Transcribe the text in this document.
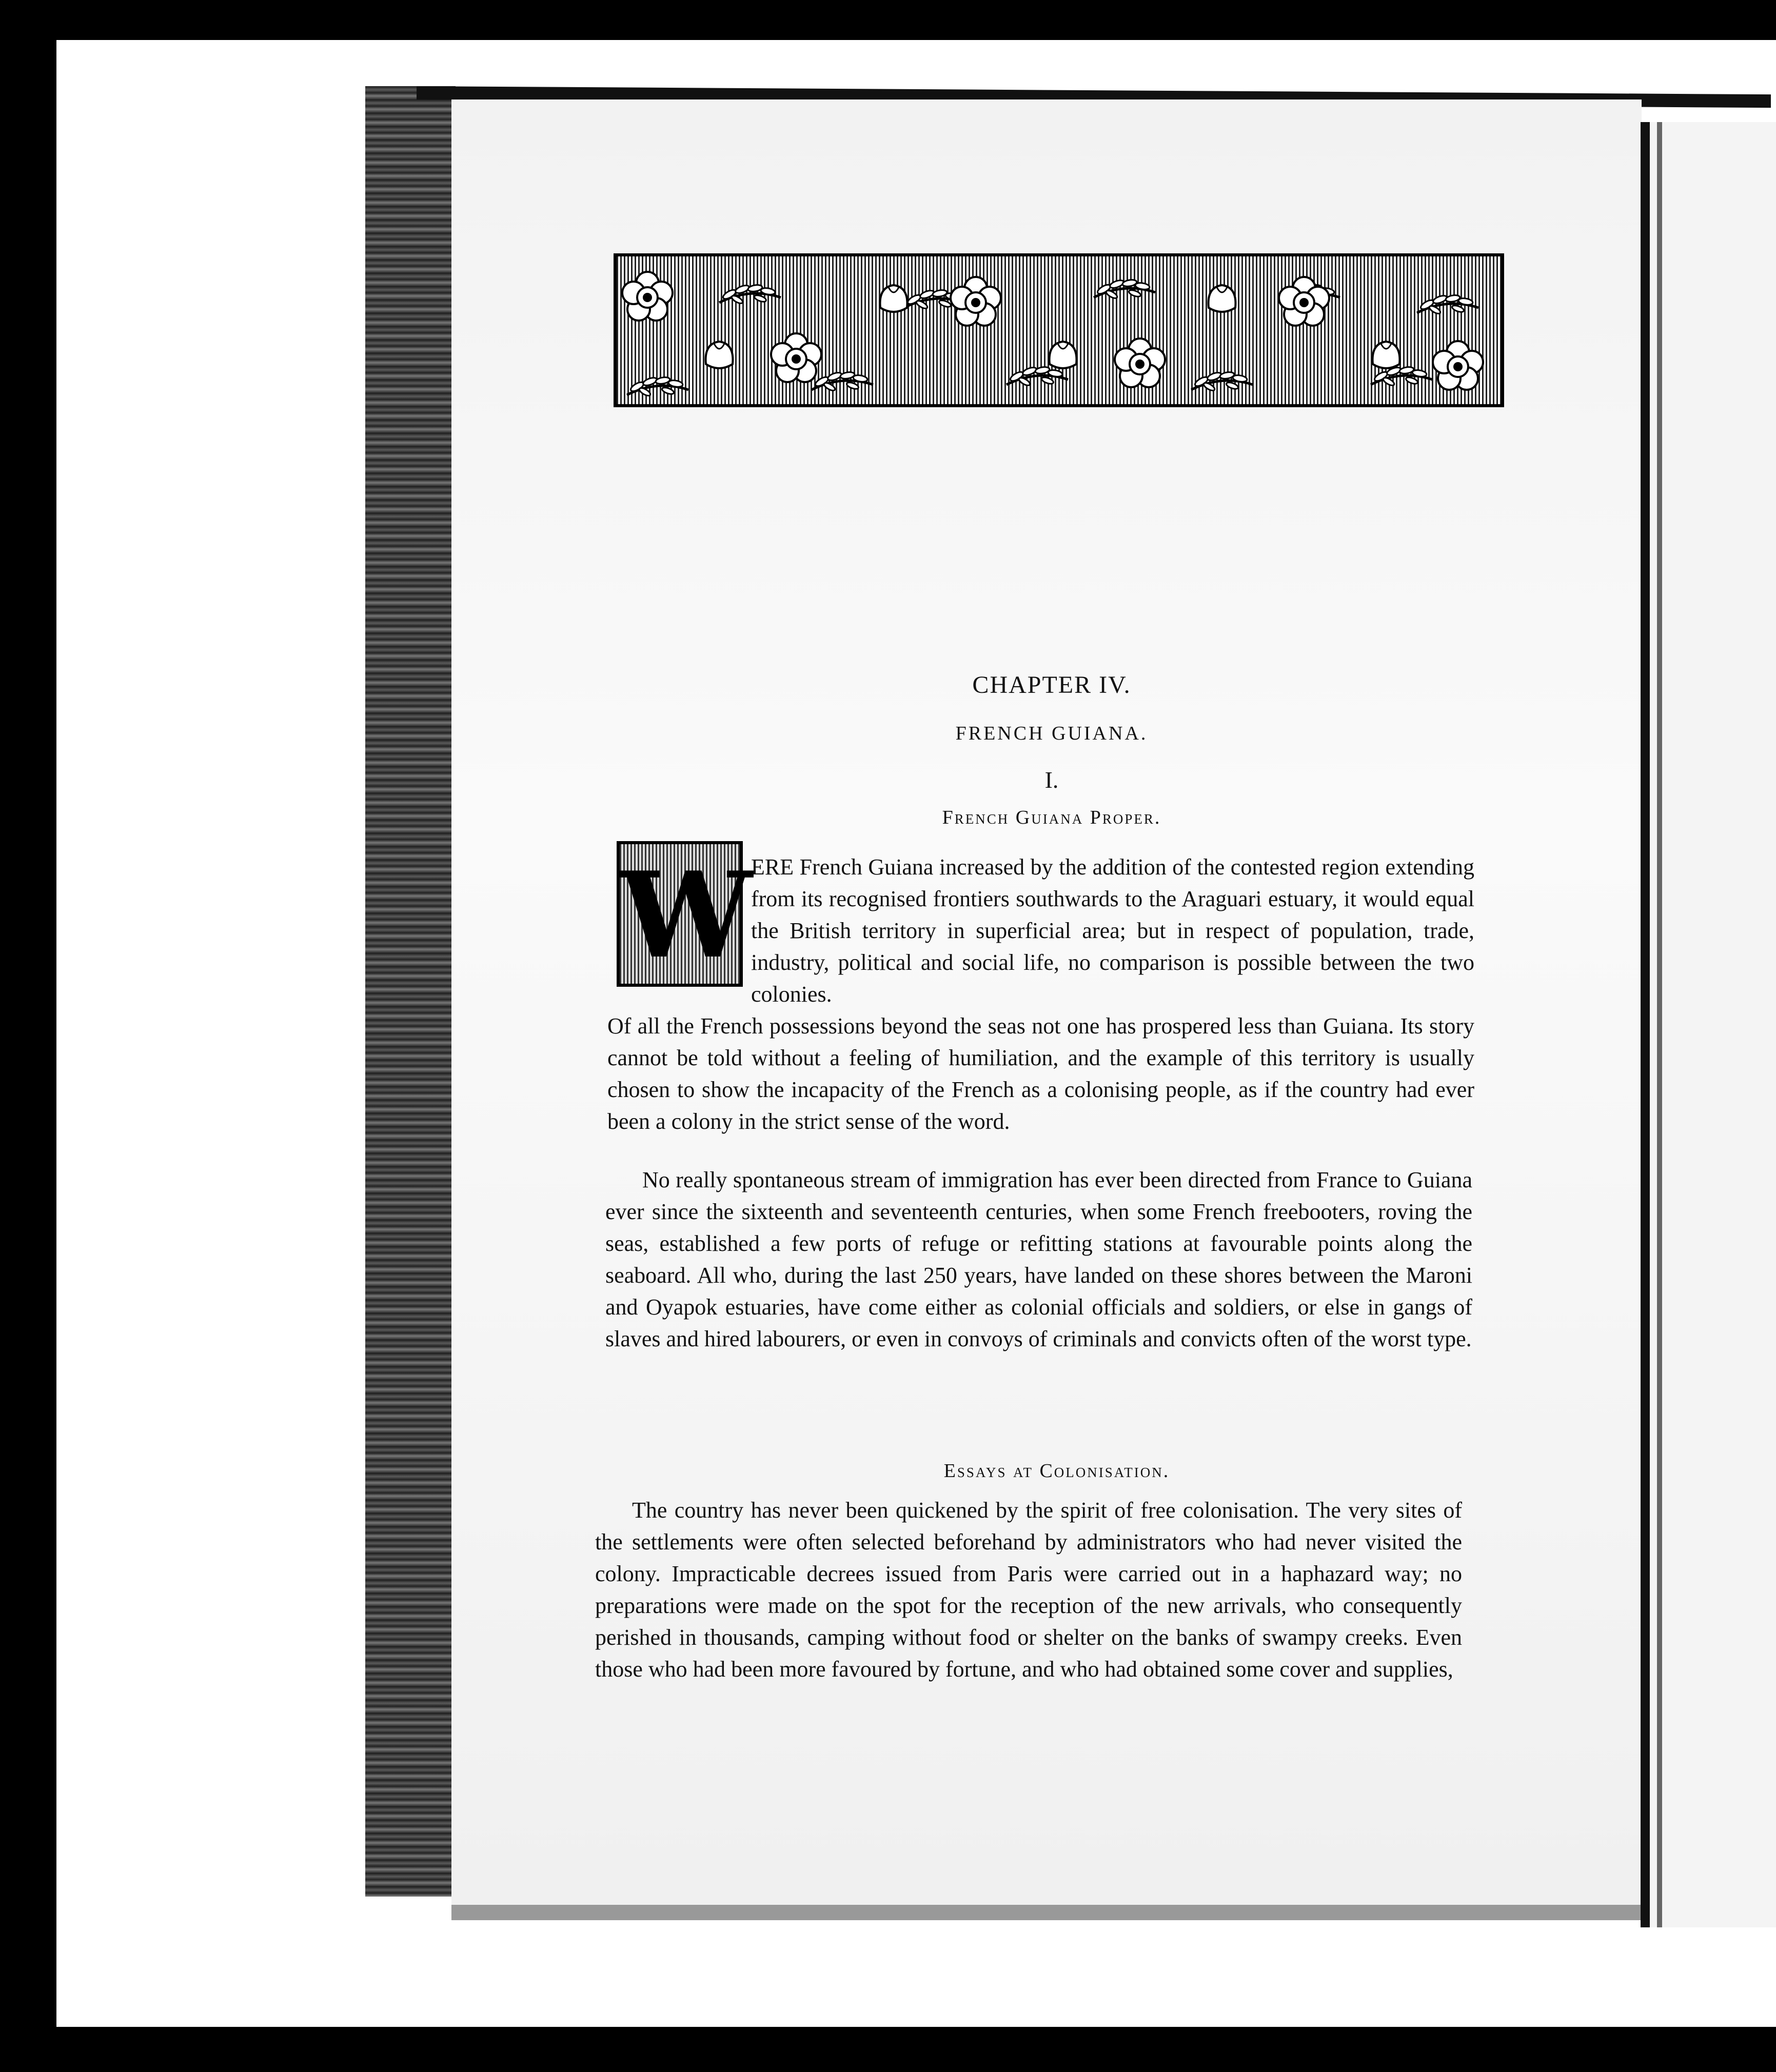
CHAPTER IV.
FRENCH GUIANA.
I.
French Guiana Proper.
W

ERE French Guiana increased by the addition of the contested region extending from its recognised frontiers southwards to the Araguari estuary, it would equal the British territory in superficial area; but in respect of population, trade, industry, political and social life, no comparison is possible between the two colonies.

Of all the French possessions beyond the seas not one has prospered less than Guiana. Its story cannot be told without a feeling of humiliation, and the example of this territory is usually chosen to show the incapacity of the French as a colonising people, as if the country had ever been a colony in the strict sense of the word.

No really spontaneous stream of immigration has ever been directed from France to Guiana ever since the sixteenth and seventeenth centuries, when some French freebooters, roving the seas, established a few ports of refuge or refitting stations at favourable points along the seaboard. All who, during the last 250 years, have landed on these shores between the Maroni and Oyapok estuaries, have come either as colonial officials and soldiers, or else in gangs of slaves and hired labourers, or even in convoys of criminals and convicts often of the worst type.

Essays at Colonisation.

The country has never been quickened by the spirit of free colonisation. The very sites of the settlements were often selected beforehand by administrators who had never visited the colony. Impracticable decrees issued from Paris were carried out in a haphazard way; no preparations were made on the spot for the reception of the new arrivals, who consequently perished in thousands, camping without food or shelter on the banks of swampy creeks. Even those who had been more favoured by fortune, and who had obtained some cover and supplies,
